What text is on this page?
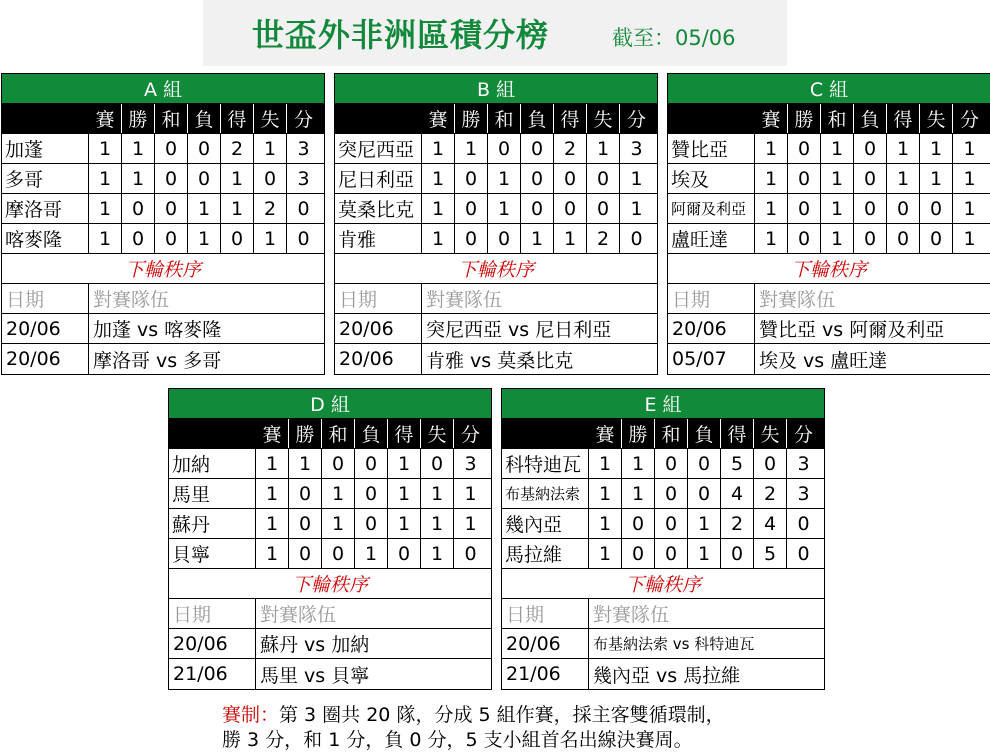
世盃外非洲區積分榜	截至：05/06
A 組
賽 勝 和 負 得 失 分
加蓬	1	1	0	0	2	1	3
多哥	1	1	0	0	1	0	3
摩洛哥	1	0	0	1	1	2	0
喀麥隆	1	0	0	1	0	1	0
下輪秩序
日期	對賽隊伍
20/06	加蓬 vs 喀麥隆
20/06	摩洛哥 vs 多哥
B 組
賽 勝 和 負 得 失 分
突尼西亞 1	1	0	0	2	1	3
尼日利亞 1	0	1	0	0	0	1
莫桑比克 1	0	1	0	0	0	1
肯雅	1	0	0	1	1	2	0
下輪秩序
日期	對賽隊伍
20/06	突尼西亞 vs 尼日利亞
20/06	肯雅 vs 莫桑比克
C 組
賽 勝 和 負 得 失 分
贊比亞	1	0	1	0	1	1	1
埃及	1	0	1	0	1	1	1
阿爾及利亞 1	0	1	0	0	0	1
盧旺達	1	0	1	0	0	0	1
下輪秩序
日期	對賽隊伍
20/06	贊比亞 vs 阿爾及利亞
05/07	埃及 vs 盧旺達
D 組
賽 勝 和 負 得 失 分
加納	1	1	0	0	1	0	3
馬里	1	0	1	0	1	1	1
蘇丹	1	0	1	0	1	1	1
貝寧	1	0	0	1	0	1	0
下輪秩序
日期	對賽隊伍
20/06	蘇丹 vs 加納
21/06	馬里 vs 貝寧
E 組
賽 勝 和 負 得 失 分
科特迪瓦 1	1	0	0	5	0	3
布基納法索 1	1	0	0	4	2	3
幾內亞	1	0	0	1	2	4	0
馬拉維	1	0	0	1	0	5	0
下輪秩序
日期	對賽隊伍
20/06	布基納法索 vs 科特迪瓦
21/06	幾內亞 vs 馬拉維
賽制：第 3 圈共 20 隊，分成 5 組作賽，採主客雙循環制，
勝 3 分，和 1 分，負 0 分，5 支小組首名出線決賽周。
